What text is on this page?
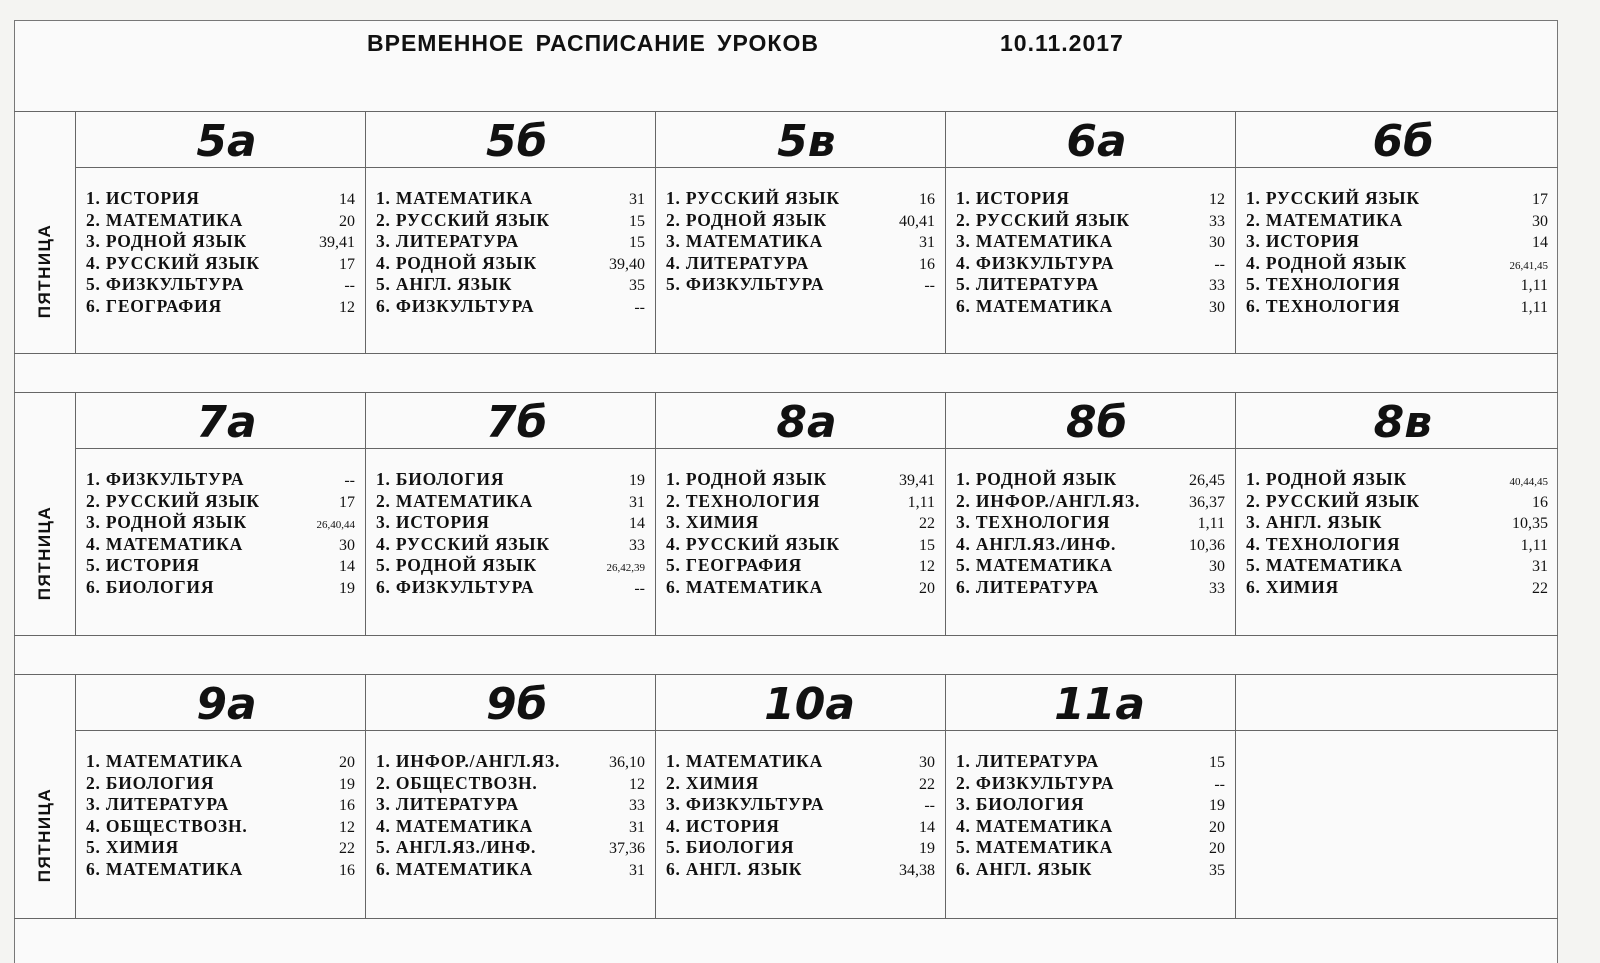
ВРЕМЕННОЕ РАСПИСАНИЕ УРОКОВ	10.11.2017
ПЯТНИЦА
5а
1. ИСТОРИЯ	14
2. МАТЕМАТИКА	20
3. РОДНОЙ ЯЗЫК	39,41
4. РУССКИЙ ЯЗЫК	17
5. ФИЗКУЛЬТУРА	--
6. ГЕОГРАФИЯ	12
5б
1. МАТЕМАТИКА	31
2. РУССКИЙ ЯЗЫК	15
3. ЛИТЕРАТУРА	15
4. РОДНОЙ ЯЗЫК	39,40
5. АНГЛ. ЯЗЫК	35
6. ФИЗКУЛЬТУРА	--
5в
1. РУССКИЙ ЯЗЫК	16
2. РОДНОЙ ЯЗЫК	40,41
3. МАТЕМАТИКА	31
4. ЛИТЕРАТУРА	16
5. ФИЗКУЛЬТУРА	--
6а
1. ИСТОРИЯ	12
2. РУССКИЙ ЯЗЫК	33
3. МАТЕМАТИКА	30
4. ФИЗКУЛЬТУРА	--
5. ЛИТЕРАТУРА	33
6. МАТЕМАТИКА	30
6б
1. РУССКИЙ ЯЗЫК	17
2. МАТЕМАТИКА	30
3. ИСТОРИЯ	14
4. РОДНОЙ ЯЗЫК	26,41,45
5. ТЕХНОЛОГИЯ	1,11
6. ТЕХНОЛОГИЯ	1,11
ПЯТНИЦА
7а
1. ФИЗКУЛЬТУРА	--
2. РУССКИЙ ЯЗЫК	17
3. РОДНОЙ ЯЗЫК	26,40,44
4. МАТЕМАТИКА	30
5. ИСТОРИЯ	14
6. БИОЛОГИЯ	19
7б
1. БИОЛОГИЯ	19
2. МАТЕМАТИКА	31
3. ИСТОРИЯ	14
4. РУССКИЙ ЯЗЫК	33
5. РОДНОЙ ЯЗЫК	26,42,39
6. ФИЗКУЛЬТУРА	--
8а
1. РОДНОЙ ЯЗЫК	39,41
2. ТЕХНОЛОГИЯ	1,11
3. ХИМИЯ	22
4. РУССКИЙ ЯЗЫК	15
5. ГЕОГРАФИЯ	12
6. МАТЕМАТИКА	20
8б
1. РОДНОЙ ЯЗЫК	26,45
2. ИНФОР./АНГЛ.ЯЗ.	36,37
3. ТЕХНОЛОГИЯ	1,11
4. АНГЛ.ЯЗ./ИНФ.	10,36
5. МАТЕМАТИКА	30
6. ЛИТЕРАТУРА	33
8в
1. РОДНОЙ ЯЗЫК	40,44,45
2. РУССКИЙ ЯЗЫК	16
3. АНГЛ. ЯЗЫК	10,35
4. ТЕХНОЛОГИЯ	1,11
5. МАТЕМАТИКА	31
6. ХИМИЯ	22
ПЯТНИЦА
9а
1. МАТЕМАТИКА	20
2. БИОЛОГИЯ	19
3. ЛИТЕРАТУРА	16
4. ОБЩЕСТВОЗН.	12
5. ХИМИЯ	22
6. МАТЕМАТИКА	16
9б
1. ИНФОР./АНГЛ.ЯЗ.	36,10
2. ОБЩЕСТВОЗН.	12
3. ЛИТЕРАТУРА	33
4. МАТЕМАТИКА	31
5. АНГЛ.ЯЗ./ИНФ.	37,36
6. МАТЕМАТИКА	31
10а
1. МАТЕМАТИКА	30
2. ХИМИЯ	22
3. ФИЗКУЛЬТУРА	--
4. ИСТОРИЯ	14
5. БИОЛОГИЯ	19
6. АНГЛ. ЯЗЫК	34,38
11а
1. ЛИТЕРАТУРА	15
2. ФИЗКУЛЬТУРА	--
3. БИОЛОГИЯ	19
4. МАТЕМАТИКА	20
5. МАТЕМАТИКА	20
6. АНГЛ. ЯЗЫК	35
